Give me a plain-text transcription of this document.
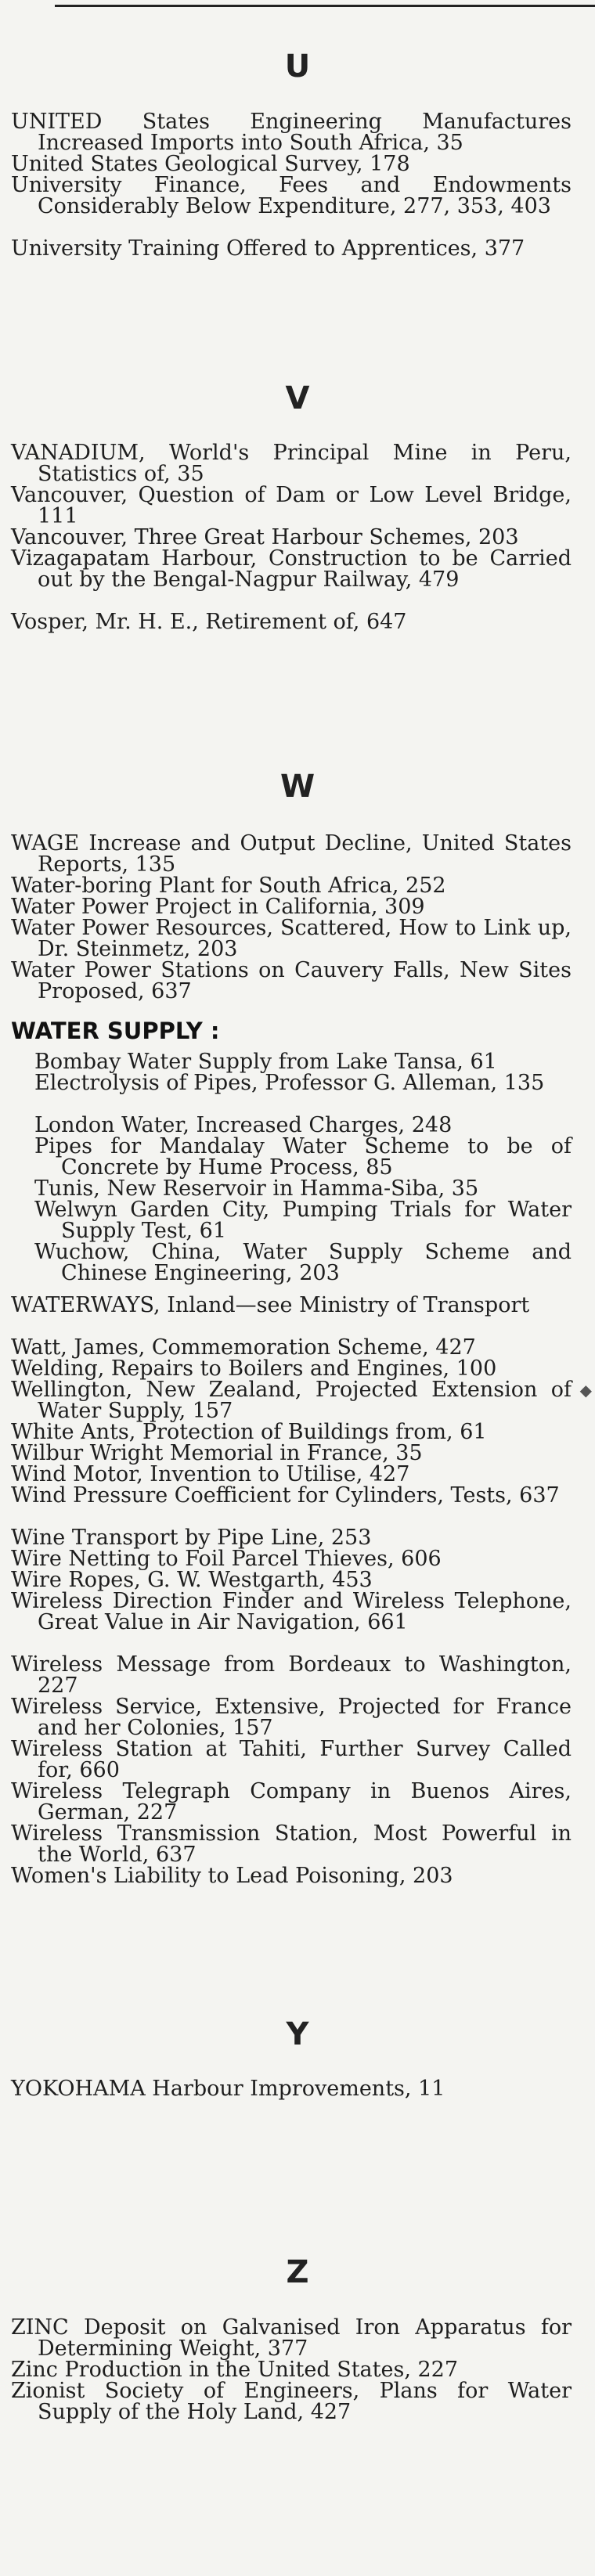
U
UNITED States Engineering Manufactures Increased Imports into South Africa, 35
United States Geological Survey, 178
University Finance, Fees and Endowments Considerably Below Expenditure, 277, 353, 403
University Training Offered to Apprentices, 377
V
VANADIUM, World's Principal Mine in Peru, Statistics of, 35
Vancouver, Question of Dam or Low Level Bridge, 111
Vancouver, Three Great Harbour Schemes, 203
Vizagapatam Harbour, Construction to be Carried out by the Bengal-Nagpur Railway, 479
Vosper, Mr. H. E., Retirement of, 647
W
WAGE Increase and Output Decline, United States Reports, 135
Water-boring Plant for South Africa, 252
Water Power Project in California, 309
Water Power Resources, Scattered, How to Link up, Dr. Steinmetz, 203
Water Power Stations on Cauvery Falls, New Sites Proposed, 637
WATER SUPPLY :
Bombay Water Supply from Lake Tansa, 61
Electrolysis of Pipes, Professor G. Alleman, 135
London Water, Increased Charges, 248
Pipes for Mandalay Water Scheme to be of Concrete by Hume Process, 85
Tunis, New Reservoir in Hamma-Siba, 35
Welwyn Garden City, Pumping Trials for Water Supply Test, 61
Wuchow, China, Water Supply Scheme and Chinese Engineering, 203
WATERWAYS, Inland—see Ministry of Transport
Watt, James, Commemoration Scheme, 427
Welding, Repairs to Boilers and Engines, 100
Wellington, New Zealand, Projected Extension of Water Supply, 157
◆
White Ants, Protection of Buildings from, 61
Wilbur Wright Memorial in France, 35
Wind Motor, Invention to Utilise, 427
Wind Pressure Coefficient for Cylinders, Tests, 637
Wine Transport by Pipe Line, 253
Wire Netting to Foil Parcel Thieves, 606
Wire Ropes, G. W. Westgarth, 453
Wireless Direction Finder and Wireless Telephone, Great Value in Air Navigation, 661
Wireless Message from Bordeaux to Washington, 227
Wireless Service, Extensive, Projected for France and her Colonies, 157
Wireless Station at Tahiti, Further Survey Called for, 660
Wireless Telegraph Company in Buenos Aires, German, 227
Wireless Transmission Station, Most Powerful in the World, 637
Women's Liability to Lead Poisoning, 203
Y
YOKOHAMA Harbour Improvements, 11
Z
ZINC Deposit on Galvanised Iron Apparatus for Determining Weight, 377
Zinc Production in the United States, 227
Zionist Society of Engineers, Plans for Water Supply of the Holy Land, 427
